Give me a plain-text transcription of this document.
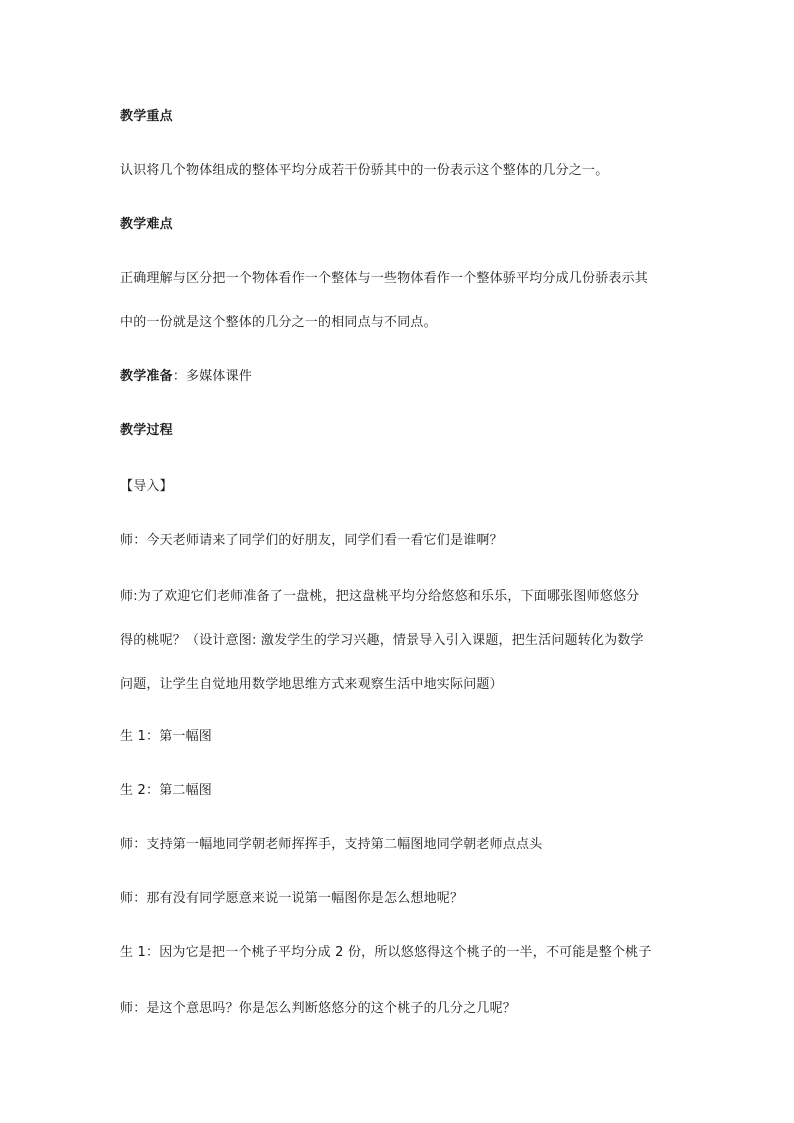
教学重点
认识将几个物体组成的整体平均分成若干份骄其中的一份表示这个整体的几分之一。
教学难点
正确理解与区分把一个物体看作一个整体与一些物体看作一个整体骄平均分成几份骄表示其
中的一份就是这个整体的几分之一的相同点与不同点。
教学准备：多媒体课件
教学过程
【导入】
师：今天老师请来了同学们的好朋友，同学们看一看它们是谁啊？
师:为了欢迎它们老师准备了一盘桃，把这盘桃平均分给悠悠和乐乐，下面哪张图师悠悠分
得的桃呢？（设计意图: 激发学生的学习兴趣，情景导入引入课题，把生活问题转化为数学
问题，让学生自觉地用数学地思维方式来观察生活中地实际问题）
生 1：第一幅图
生 2：第二幅图
师：支持第一幅地同学朝老师挥挥手，支持第二幅图地同学朝老师点点头
师：那有没有同学愿意来说一说第一幅图你是怎么想地呢？
生 1：因为它是把一个桃子平均分成 2 份，所以悠悠得这个桃子的一半，不可能是整个桃子
师：是这个意思吗？你是怎么判断悠悠分的这个桃子的几分之几呢？
